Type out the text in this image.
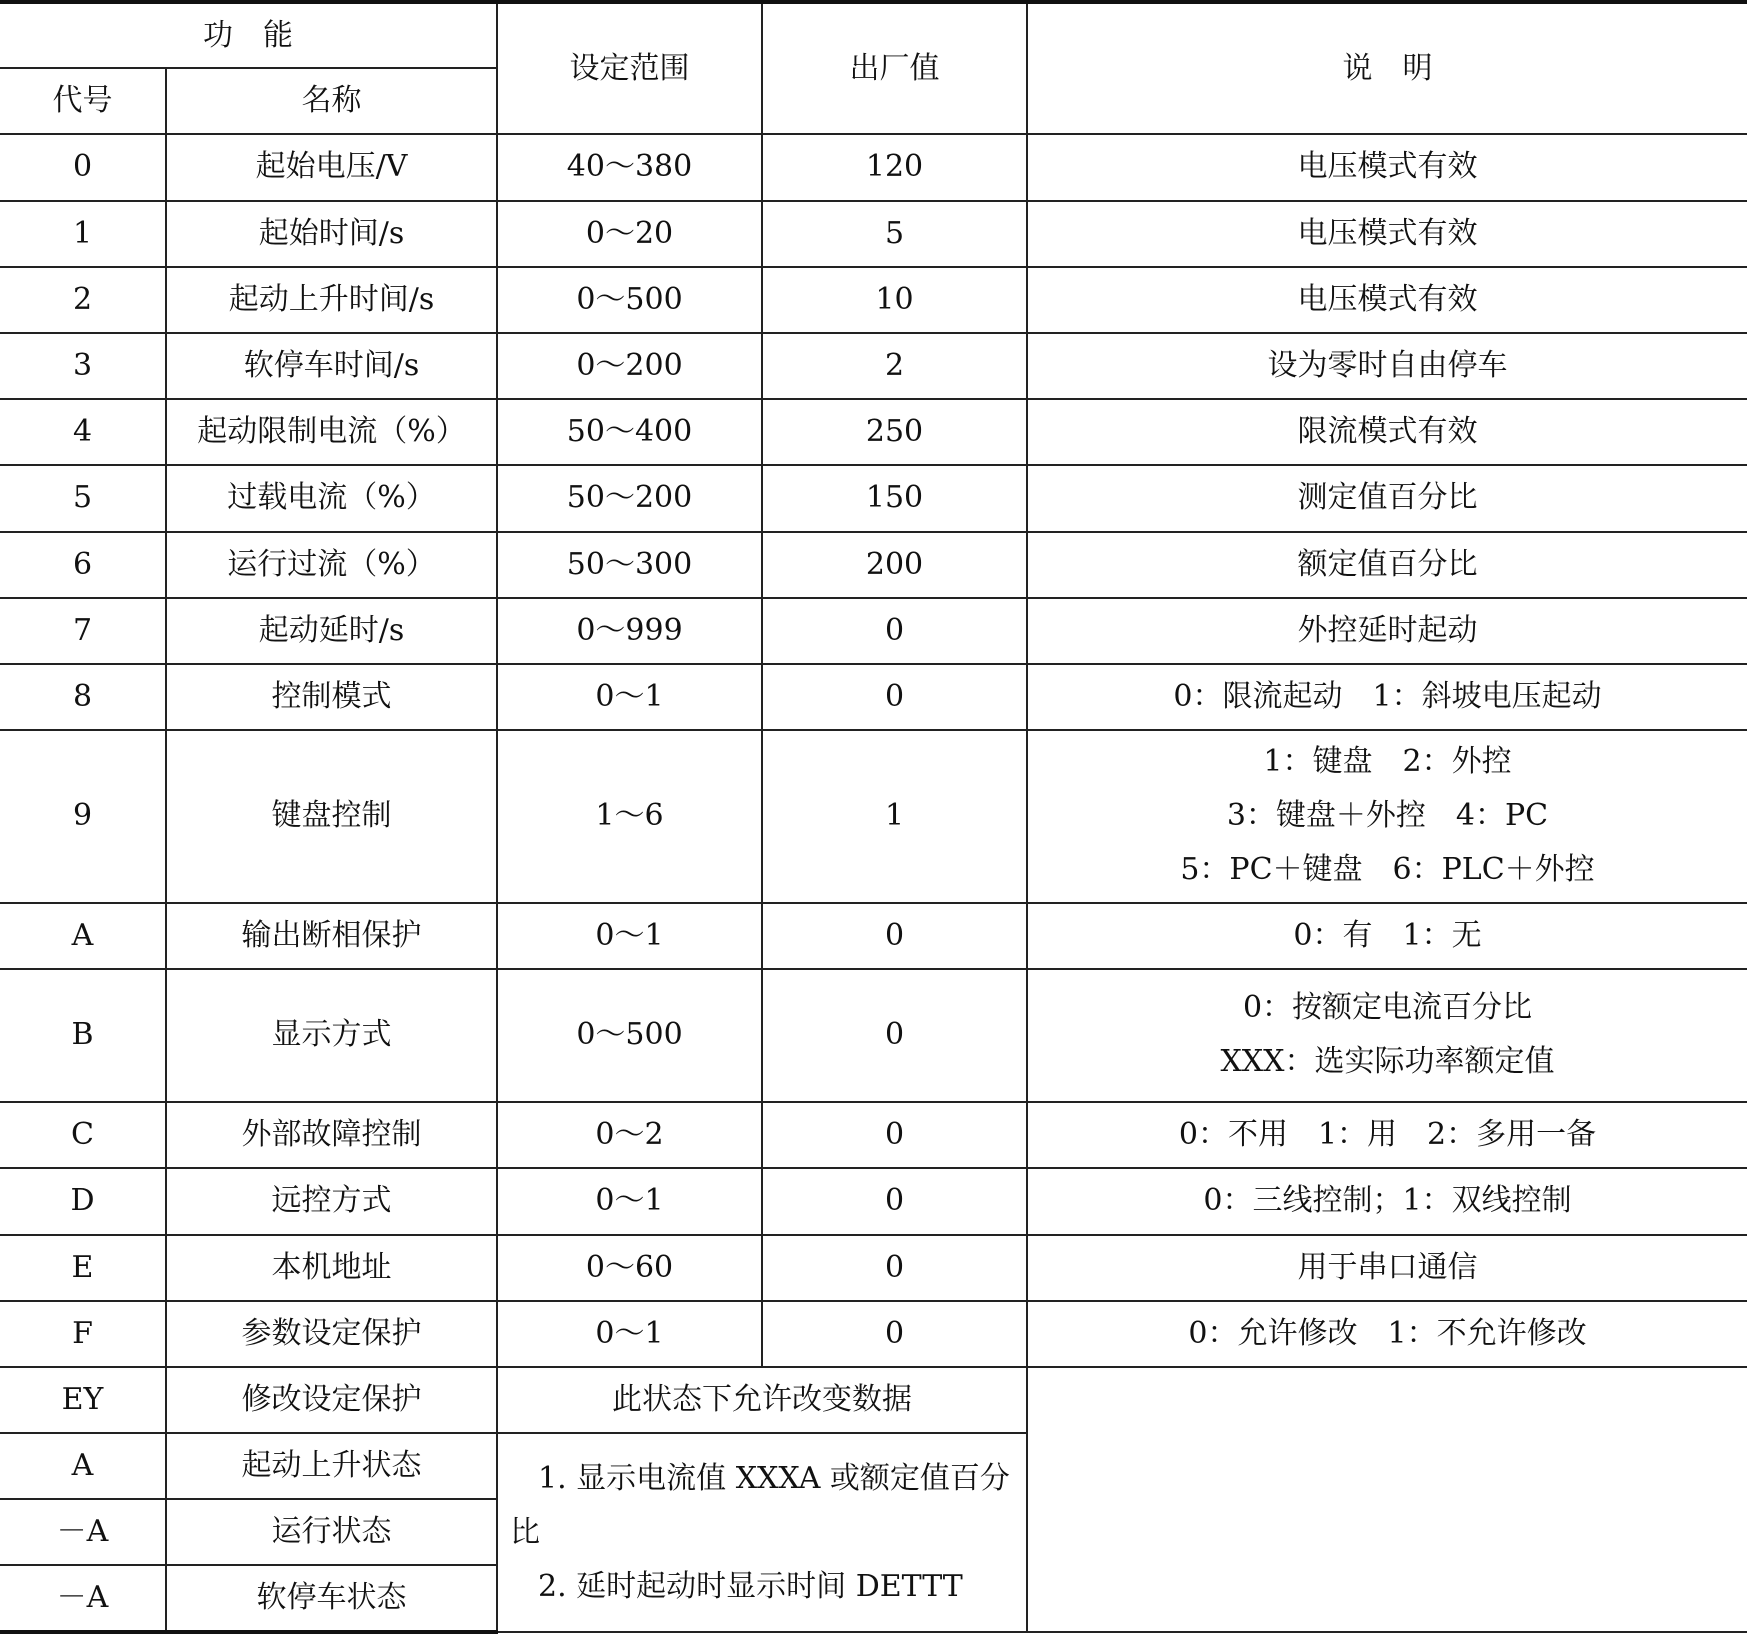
功　能		设定范围	出厂值	说　明
代号	名称			
0	起始电压/V	40～380	120	电压模式有效

1	起始时间/s	0～20	5	电压模式有效

2	起动上升时间/s	0～500	10	电压模式有效

3	软停车时间/s	0～200	2	设为零时自由停车

4	起动限制电流（%）	50～400	250	限流模式有效

5	过载电流（%）	50～200	150	测定值百分比

6	运行过流（%）	50～300	200	额定值百分比

7	起动延时/s	0～999	0	外控延时起动

8	控制模式	0～1	0	0：限流起动　1：斜坡电压起动

9	键盘控制	1～6	1	1：键盘　2：外控
3：键盘＋外控　4：PC
5：PC＋键盘　6：PLC＋外控

A	输出断相保护	0～1	0	0：有　1：无

B	显示方式	0～500	0	0：按额定电流百分比
XXX：选实际功率额定值

C	外部故障控制	0～2	0	0：不用　1：用　2：多用一备

D	远控方式	0～1	0	0：三线控制；1：双线控制

E	本机地址	0～60	0	用于串口通信

F	参数设定保护	0～1	0	0：允许修改　1：不允许修改

EY	修改设定保护	此状态下允许改变数据		
A	起动上升状态	1. 显示电流值 XXXA 或额定值百分比
2. 延时起动时显示时间 DETTT		

－A	运行状态			
－A	软停车状态			
